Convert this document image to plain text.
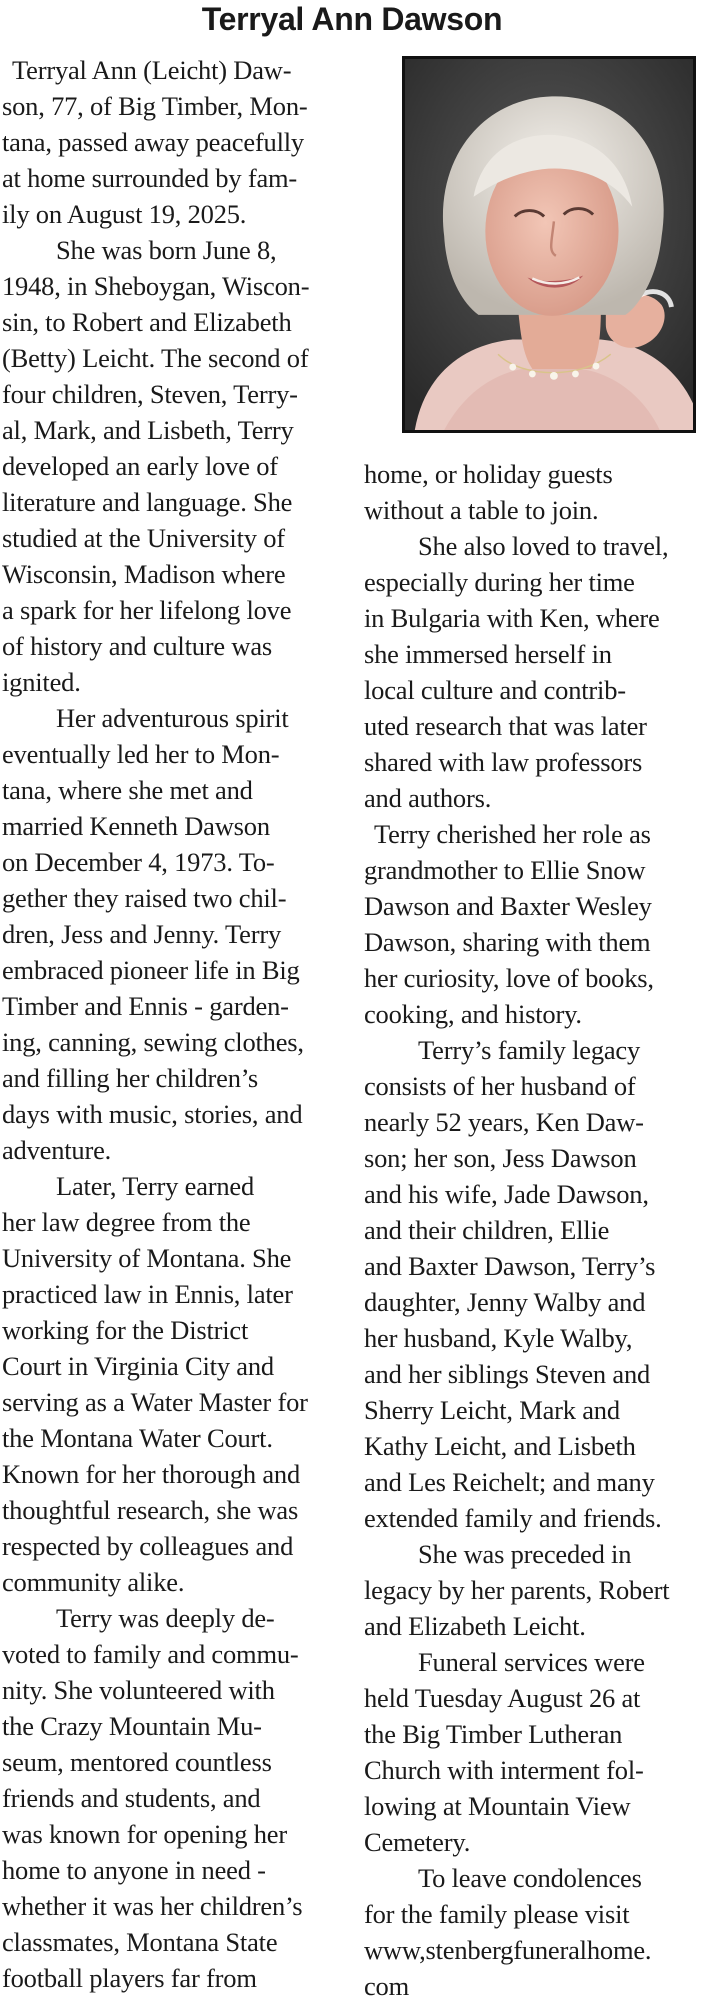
Terryal Ann Dawson
Terryal Ann (Leicht) Daw-
son, 77, of Big Timber, Mon-
tana, passed away peacefully
at home surrounded by fam-
ily on August 19, 2025.
She was born June 8,
1948, in Sheboygan, Wiscon-
sin, to Robert and Elizabeth
(Betty) Leicht. The second of
four children, Steven, Terry-
al, Mark, and Lisbeth, Terry
developed an early love of
literature and language. She
studied at the University of
Wisconsin, Madison where
a spark for her lifelong love
of history and culture was
ignited.
Her adventurous spirit
eventually led her to Mon-
tana, where she met and
married Kenneth Dawson
on December 4, 1973. To-
gether they raised two chil-
dren, Jess and Jenny. Terry
embraced pioneer life in Big
Timber and Ennis - garden-
ing, canning, sewing clothes,
and filling her children’s
days with music, stories, and
adventure.
Later, Terry earned
her law degree from the
University of Montana. She
practiced law in Ennis, later
working for the District
Court in Virginia City and
serving as a Water Master for
the Montana Water Court.
Known for her thorough and
thoughtful research, she was
respected by colleagues and
community alike.
Terry was deeply de-
voted to family and commu-
nity. She volunteered with
the Crazy Mountain Mu-
seum, mentored countless
friends and students, and
was known for opening her
home to anyone in need -
whether it was her children’s
classmates, Montana State
football players far from
home, or holiday guests
without a table to join.
She also loved to travel,
especially during her time
in Bulgaria with Ken, where
she immersed herself in
local culture and contrib-
uted research that was later
shared with law professors
and authors.
Terry cherished her role as
grandmother to Ellie Snow
Dawson and Baxter Wesley
Dawson, sharing with them
her curiosity, love of books,
cooking, and history.
Terry’s family legacy
consists of her husband of
nearly 52 years, Ken Daw-
son; her son, Jess Dawson
and his wife, Jade Dawson,
and their children, Ellie
and Baxter Dawson, Terry’s
daughter, Jenny Walby and
her husband, Kyle Walby,
and her siblings Steven and
Sherry Leicht, Mark and
Kathy Leicht, and Lisbeth
and Les Reichelt; and many
extended family and friends.
She was preceded in
legacy by her parents, Robert
and Elizabeth Leicht.
Funeral services were
held Tuesday August 26 at
the Big Timber Lutheran
Church with interment fol-
lowing at Mountain View
Cemetery.
To leave condolences
for the family please visit
www,stenbergfuneralhome.
com
